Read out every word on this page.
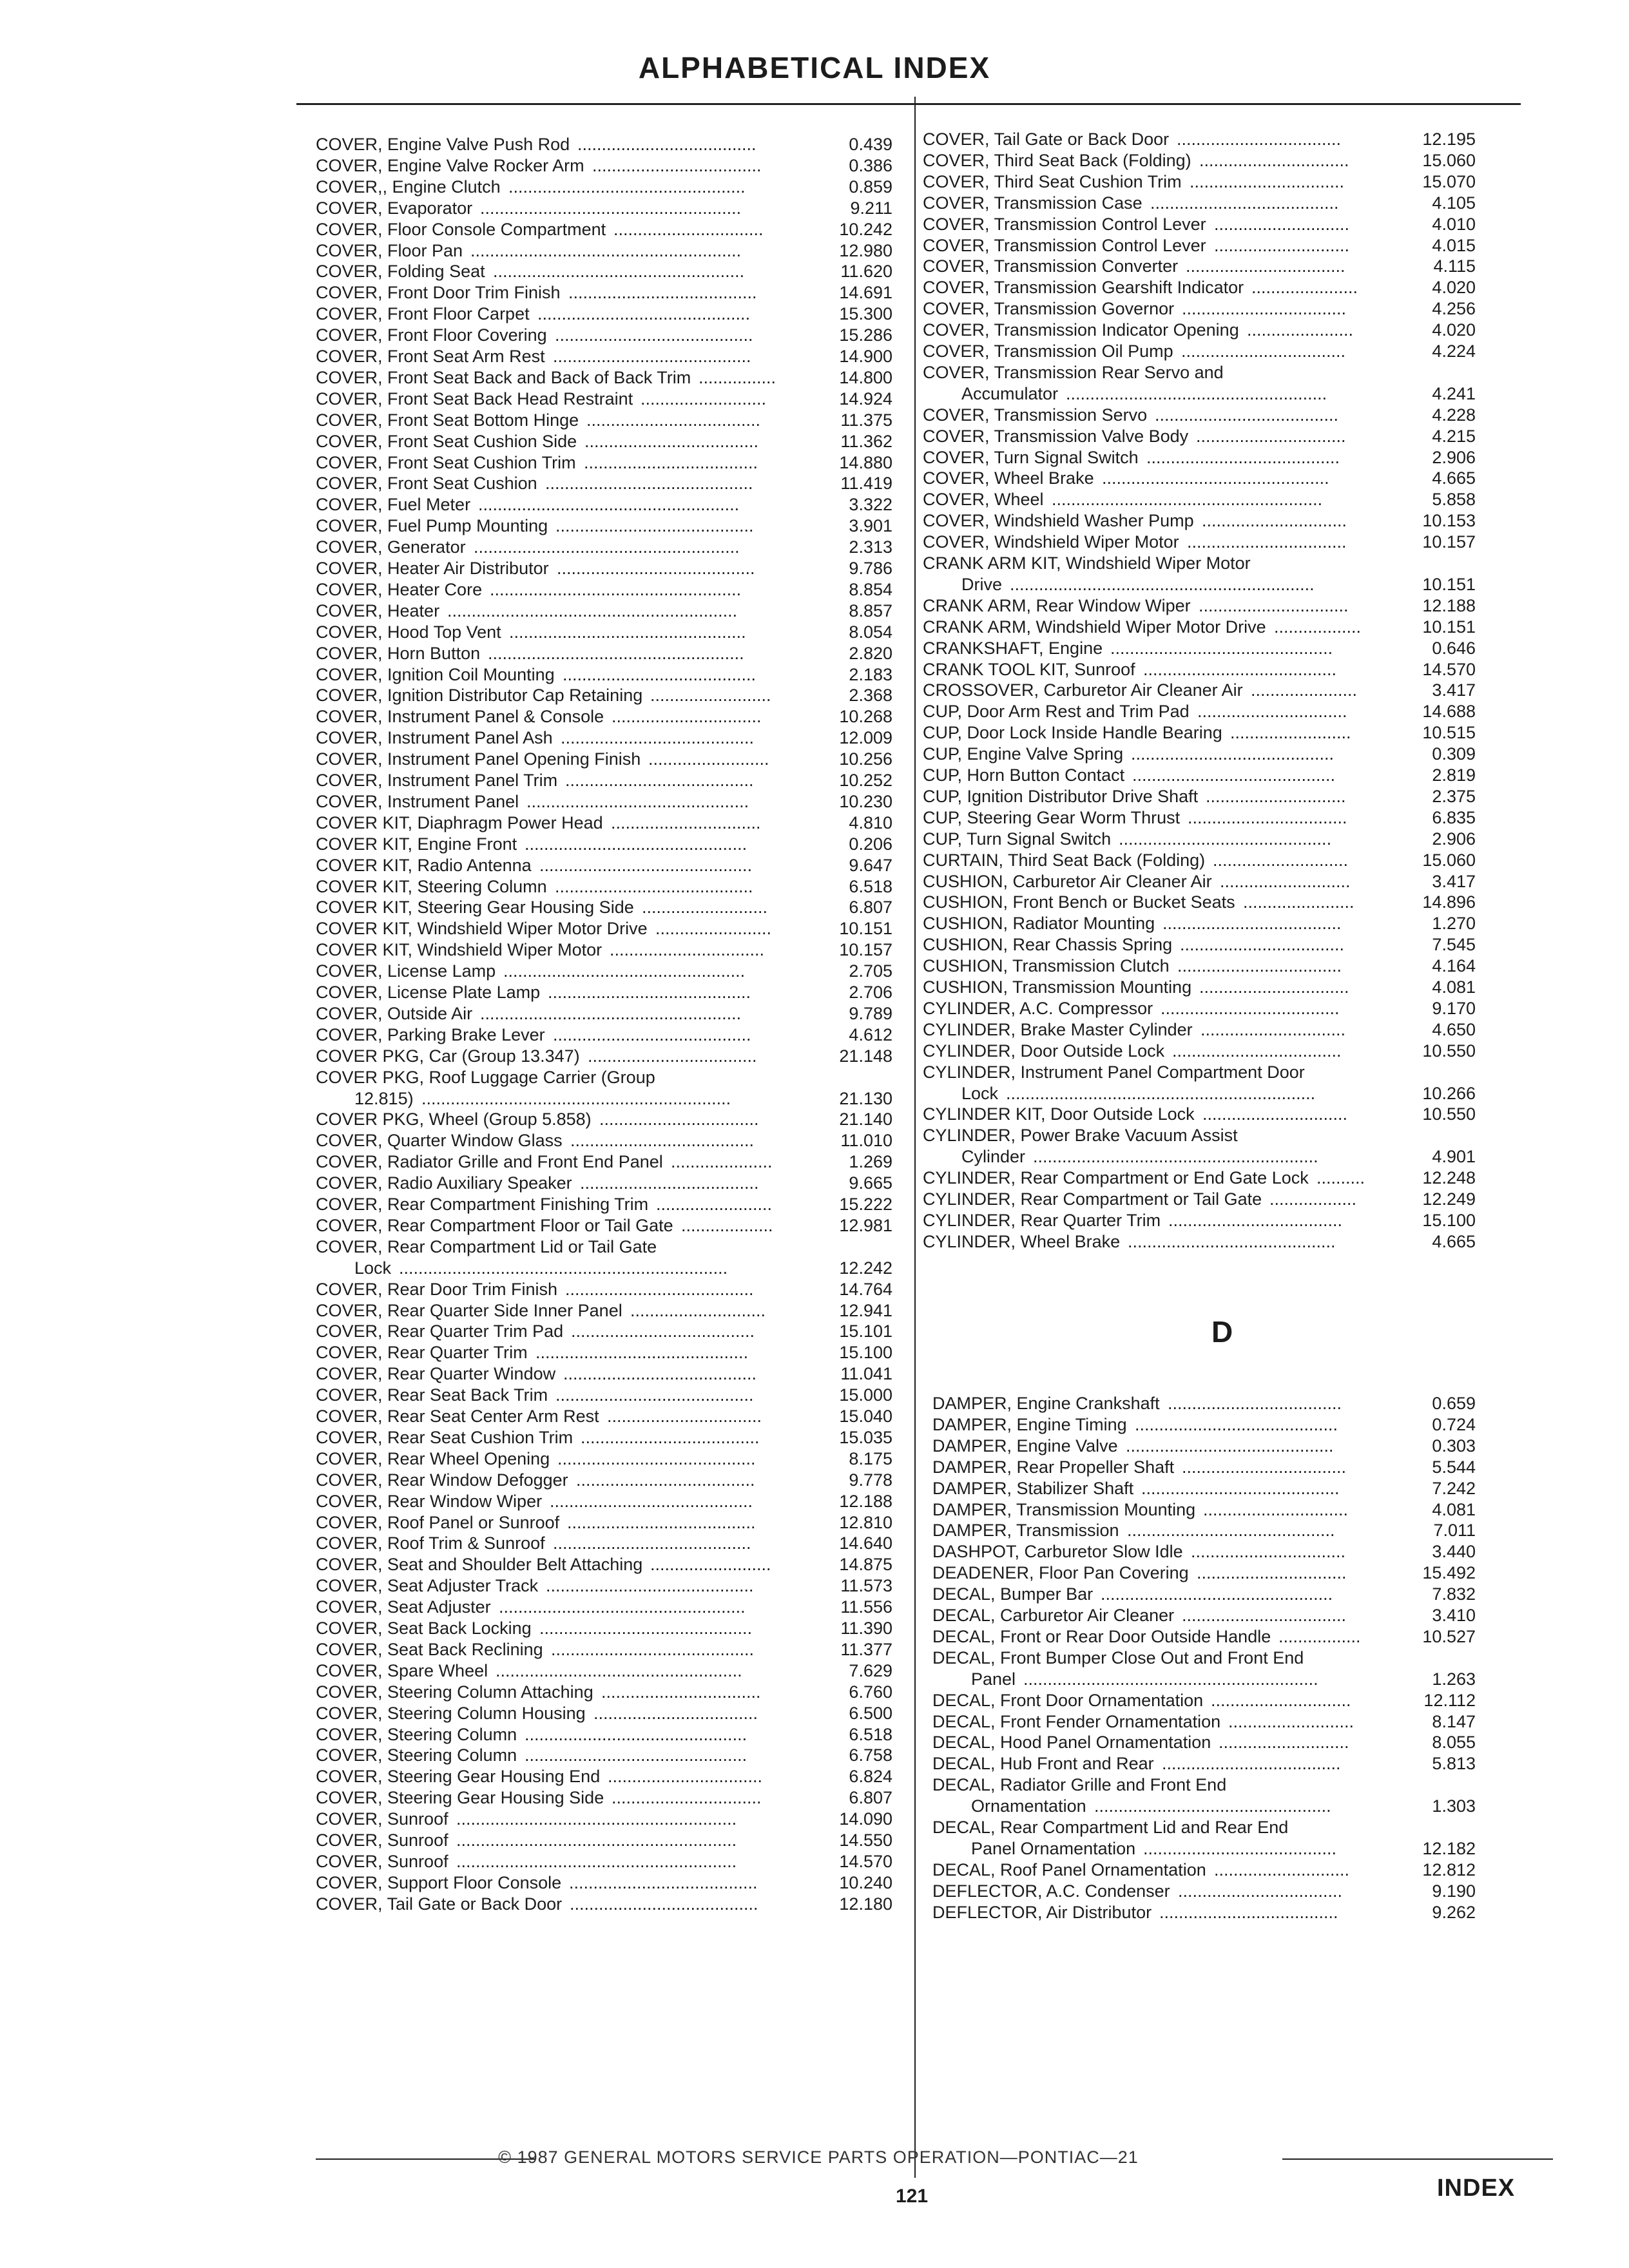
ALPHABETICAL INDEX
COVER, Engine Valve Push Rod .....................................	0.439
COVER, Engine Valve Rocker Arm ...................................	0.386
COVER,, Engine Clutch .................................................	0.859
COVER, Evaporator ......................................................	9.211
COVER, Floor Console Compartment ...............................	10.242
COVER, Floor Pan ........................................................	12.980
COVER, Folding Seat ....................................................	11.620
COVER, Front Door Trim Finish .......................................	14.691
COVER, Front Floor Carpet ............................................	15.300
COVER, Front Floor Covering .........................................	15.286
COVER, Front Seat Arm Rest .........................................	14.900
COVER, Front Seat Back and Back of Back Trim ................	14.800
COVER, Front Seat Back Head Restraint ..........................	14.924
COVER, Front Seat Bottom Hinge ....................................	11.375
COVER, Front Seat Cushion Side ....................................	11.362
COVER, Front Seat Cushion Trim ....................................	14.880
COVER, Front Seat Cushion ...........................................	11.419
COVER, Fuel Meter ......................................................	3.322
COVER, Fuel Pump Mounting .........................................	3.901
COVER, Generator .......................................................	2.313
COVER, Heater Air Distributor .........................................	9.786
COVER, Heater Core ....................................................	8.854
COVER, Heater ............................................................	8.857
COVER, Hood Top Vent .................................................	8.054
COVER, Horn Button .....................................................	2.820
COVER, Ignition Coil Mounting ........................................	2.183
COVER, Ignition Distributor Cap Retaining .........................	2.368
COVER, Instrument Panel & Console ...............................	10.268
COVER, Instrument Panel Ash ........................................	12.009
COVER, Instrument Panel Opening Finish .........................	10.256
COVER, Instrument Panel Trim .......................................	10.252
COVER, Instrument Panel ..............................................	10.230
COVER KIT, Diaphragm Power Head ...............................	4.810
COVER KIT, Engine Front ..............................................	0.206
COVER KIT, Radio Antenna ............................................	9.647
COVER KIT, Steering Column .........................................	6.518
COVER KIT, Steering Gear Housing Side ..........................	6.807
COVER KIT, Windshield Wiper Motor Drive ........................	10.151
COVER KIT, Windshield Wiper Motor ................................	10.157
COVER, License Lamp ..................................................	2.705
COVER, License Plate Lamp ..........................................	2.706
COVER, Outside Air ......................................................	9.789
COVER, Parking Brake Lever .........................................	4.612
COVER PKG, Car (Group 13.347) ...................................	21.148
COVER PKG, Roof Luggage Carrier (Group
12.815) ................................................................	21.130
COVER PKG, Wheel (Group 5.858) .................................	21.140
COVER, Quarter Window Glass ......................................	11.010
COVER, Radiator Grille and Front End Panel .....................	1.269
COVER, Radio Auxiliary Speaker .....................................	9.665
COVER, Rear Compartment Finishing Trim ........................	15.222
COVER, Rear Compartment Floor or Tail Gate ...................	12.981
COVER, Rear Compartment Lid or Tail Gate
Lock ....................................................................	12.242
COVER, Rear Door Trim Finish .......................................	14.764
COVER, Rear Quarter Side Inner Panel ............................	12.941
COVER, Rear Quarter Trim Pad ......................................	15.101
COVER, Rear Quarter Trim ............................................	15.100
COVER, Rear Quarter Window ........................................	11.041
COVER, Rear Seat Back Trim .........................................	15.000
COVER, Rear Seat Center Arm Rest ................................	15.040
COVER, Rear Seat Cushion Trim .....................................	15.035
COVER, Rear Wheel Opening .........................................	8.175
COVER, Rear Window Defogger .....................................	9.778
COVER, Rear Window Wiper ..........................................	12.188
COVER, Roof Panel or Sunroof .......................................	12.810
COVER, Roof Trim & Sunroof .........................................	14.640
COVER, Seat and Shoulder Belt Attaching .........................	14.875
COVER, Seat Adjuster Track ...........................................	11.573
COVER, Seat Adjuster ...................................................	11.556
COVER, Seat Back Locking ............................................	11.390
COVER, Seat Back Reclining ..........................................	11.377
COVER, Spare Wheel ...................................................	7.629
COVER, Steering Column Attaching .................................	6.760
COVER, Steering Column Housing ..................................	6.500
COVER, Steering Column ..............................................	6.518
COVER, Steering Column ..............................................	6.758
COVER, Steering Gear Housing End ................................	6.824
COVER, Steering Gear Housing Side ...............................	6.807
COVER, Sunroof ..........................................................	14.090
COVER, Sunroof ..........................................................	14.550
COVER, Sunroof ..........................................................	14.570
COVER, Support Floor Console .......................................	10.240
COVER, Tail Gate or Back Door .......................................	12.180
COVER, Tail Gate or Back Door ..................................	12.195
COVER, Third Seat Back (Folding) ...............................	15.060
COVER, Third Seat Cushion Trim ................................	15.070
COVER, Transmission Case .......................................	4.105
COVER, Transmission Control Lever ............................	4.010
COVER, Transmission Control Lever ............................	4.015
COVER, Transmission Converter .................................	4.115
COVER, Transmission Gearshift Indicator ......................	4.020
COVER, Transmission Governor ..................................	4.256
COVER, Transmission Indicator Opening ......................	4.020
COVER, Transmission Oil Pump ..................................	4.224
COVER, Transmission Rear Servo and
Accumulator ......................................................	4.241
COVER, Transmission Servo ......................................	4.228
COVER, Transmission Valve Body ...............................	4.215
COVER, Turn Signal Switch ........................................	2.906
COVER, Wheel Brake ...............................................	4.665
COVER, Wheel ........................................................	5.858
COVER, Windshield Washer Pump ..............................	10.153
COVER, Windshield Wiper Motor .................................	10.157
CRANK ARM KIT, Windshield Wiper Motor
Drive ...............................................................	10.151
CRANK ARM, Rear Window Wiper ...............................	12.188
CRANK ARM, Windshield Wiper Motor Drive ..................	10.151
CRANKSHAFT, Engine ..............................................	0.646
CRANK TOOL KIT, Sunroof ........................................	14.570
CROSSOVER, Carburetor Air Cleaner Air ......................	3.417
CUP, Door Arm Rest and Trim Pad ...............................	14.688
CUP, Door Lock Inside Handle Bearing .........................	10.515
CUP, Engine Valve Spring ..........................................	0.309
CUP, Horn Button Contact ..........................................	2.819
CUP, Ignition Distributor Drive Shaft .............................	2.375
CUP, Steering Gear Worm Thrust .................................	6.835
CUP, Turn Signal Switch ............................................	2.906
CURTAIN, Third Seat Back (Folding) ............................	15.060
CUSHION, Carburetor Air Cleaner Air ...........................	3.417
CUSHION, Front Bench or Bucket Seats .......................	14.896
CUSHION, Radiator Mounting .....................................	1.270
CUSHION, Rear Chassis Spring ..................................	7.545
CUSHION, Transmission Clutch ..................................	4.164
CUSHION, Transmission Mounting ...............................	4.081
CYLINDER, A.C. Compressor .....................................	9.170
CYLINDER, Brake Master Cylinder ..............................	4.650
CYLINDER, Door Outside Lock ...................................	10.550
CYLINDER, Instrument Panel Compartment Door
Lock ................................................................	10.266
CYLINDER KIT, Door Outside Lock ..............................	10.550
CYLINDER, Power Brake Vacuum Assist
Cylinder ...........................................................	4.901
CYLINDER, Rear Compartment or End Gate Lock ..........	12.248
CYLINDER, Rear Compartment or Tail Gate ..................	12.249
CYLINDER, Rear Quarter Trim ....................................	15.100
CYLINDER, Wheel Brake ...........................................	4.665
D
DAMPER, Engine Crankshaft ....................................	0.659
DAMPER, Engine Timing ..........................................	0.724
DAMPER, Engine Valve ...........................................	0.303
DAMPER, Rear Propeller Shaft ..................................	5.544
DAMPER, Stabilizer Shaft .........................................	7.242
DAMPER, Transmission Mounting ..............................	4.081
DAMPER, Transmission ...........................................	7.011
DASHPOT, Carburetor Slow Idle ................................	3.440
DEADENER, Floor Pan Covering ...............................	15.492
DECAL, Bumper Bar ................................................	7.832
DECAL, Carburetor Air Cleaner ..................................	3.410
DECAL, Front or Rear Door Outside Handle .................	10.527
DECAL, Front Bumper Close Out and Front End
Panel .............................................................	1.263
DECAL, Front Door Ornamentation .............................	12.112
DECAL, Front Fender Ornamentation ..........................	8.147
DECAL, Hood Panel Ornamentation ...........................	8.055
DECAL, Hub Front and Rear .....................................	5.813
DECAL, Radiator Grille and Front End
Ornamentation .................................................	1.303
DECAL, Rear Compartment Lid and Rear End
Panel Ornamentation ........................................	12.182
DECAL, Roof Panel Ornamentation ............................	12.812
DEFLECTOR, A.C. Condenser ..................................	9.190
DEFLECTOR, Air Distributor .....................................	9.262
© 1987 GENERAL MOTORS SERVICE PARTS OPERATION—PONTIAC—21
121	INDEX
